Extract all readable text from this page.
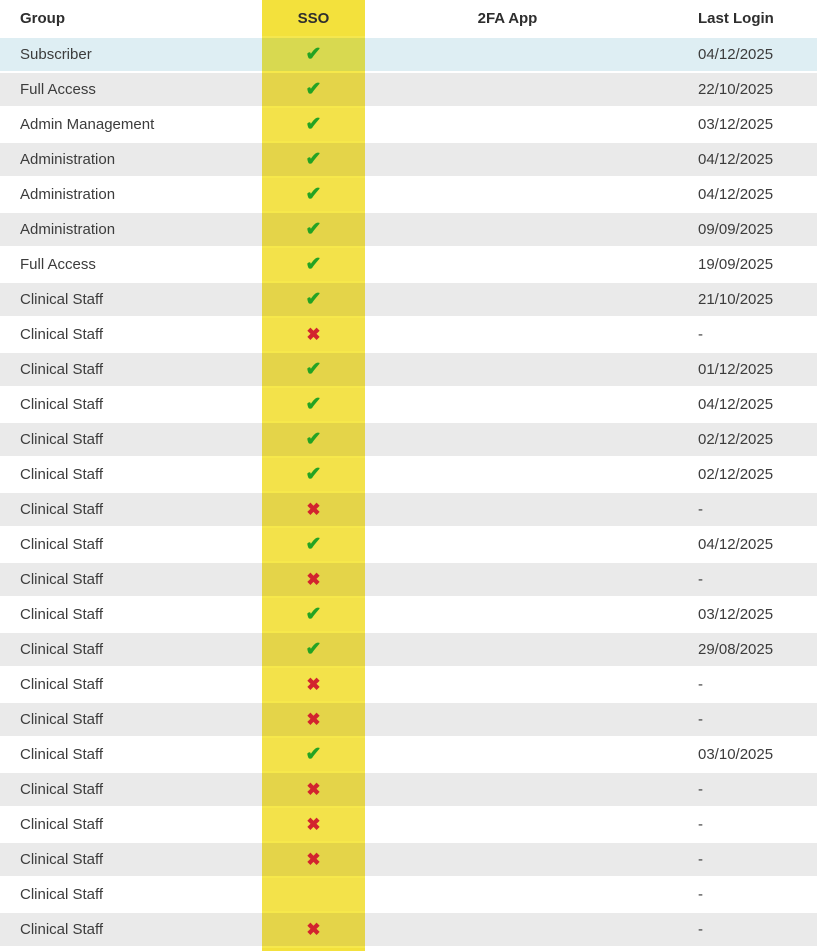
Group	SSO	2FA App	Last Login
Subscriber	✔		04/12/2025
Full Access	✔		22/10/2025
Admin Management	✔		03/12/2025
Administration	✔		04/12/2025
Administration	✔		04/12/2025
Administration	✔		09/09/2025
Full Access	✔		19/09/2025
Clinical Staff	✔		21/10/2025
Clinical Staff	✖		-
Clinical Staff	✔		01/12/2025
Clinical Staff	✔		04/12/2025
Clinical Staff	✔		02/12/2025
Clinical Staff	✔		02/12/2025
Clinical Staff	✖		-
Clinical Staff	✔		04/12/2025
Clinical Staff	✖		-
Clinical Staff	✔		03/12/2025
Clinical Staff	✔		29/08/2025
Clinical Staff	✖		-
Clinical Staff	✖		-
Clinical Staff	✔		03/10/2025
Clinical Staff	✖		-
Clinical Staff	✖		-
Clinical Staff	✖		-
Clinical Staff			-
Clinical Staff	✖		-
